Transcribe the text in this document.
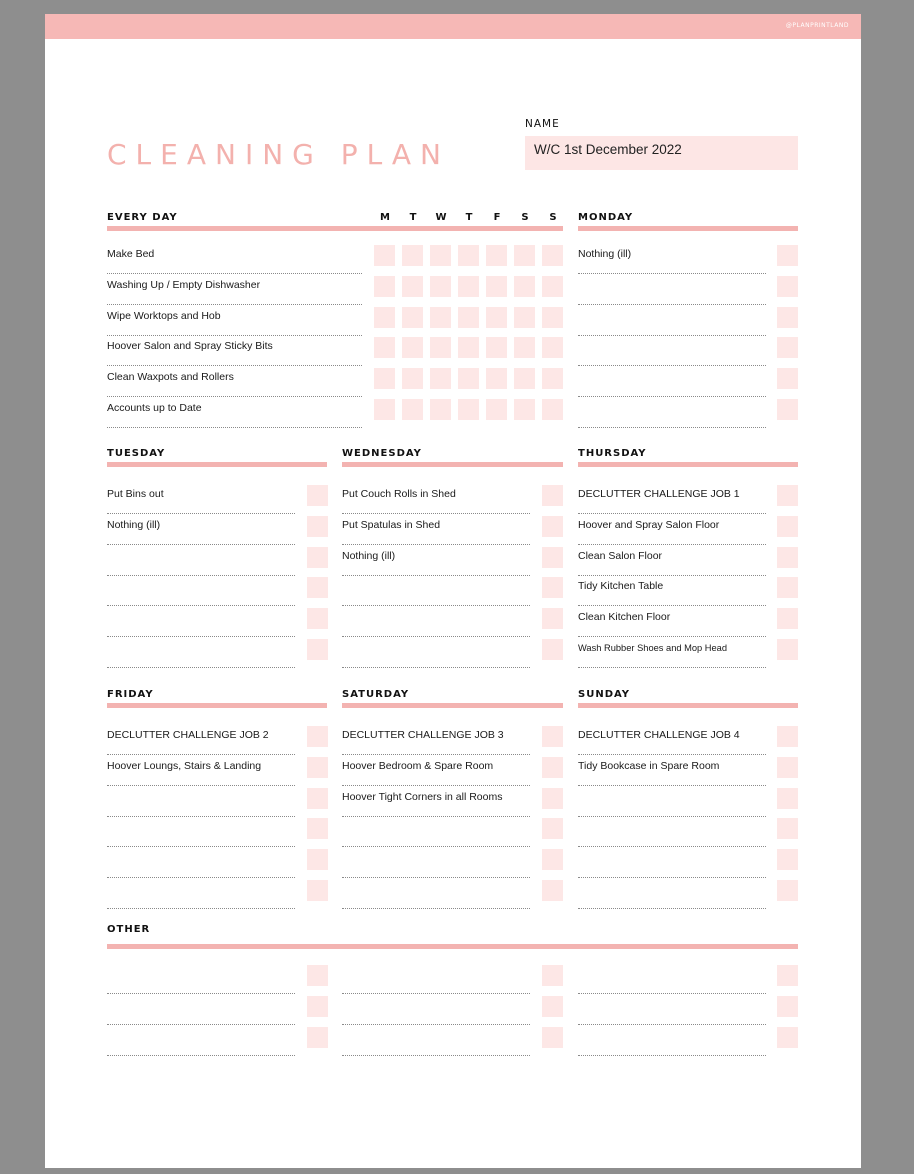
@PLANPRINTLAND
CLEANING PLAN
NAME
W/C 1st December 2022
EVERY DAY	M	T	W	T	F	S	S
Make Bed
Washing Up / Empty Dishwasher
Wipe Worktops and Hob
Hoover Salon and Spray Sticky Bits
Clean Waxpots and Rollers
Accounts up to Date
MONDAY
Nothing (ill)
TUESDAY
Put Bins out
Nothing (ill)
WEDNESDAY
Put Couch Rolls in Shed
Put Spatulas in Shed
Nothing (ill)
THURSDAY
DECLUTTER CHALLENGE JOB 1
Hoover and Spray Salon Floor
Clean Salon Floor
Tidy Kitchen Table
Clean Kitchen Floor
Wash Rubber Shoes and Mop Head
FRIDAY
DECLUTTER CHALLENGE JOB 2
Hoover Loungs, Stairs & Landing
SATURDAY
DECLUTTER CHALLENGE JOB 3
Hoover Bedroom & Spare Room
Hoover Tight Corners in all Rooms
SUNDAY
DECLUTTER CHALLENGE JOB 4
Tidy Bookcase in Spare Room
OTHER
